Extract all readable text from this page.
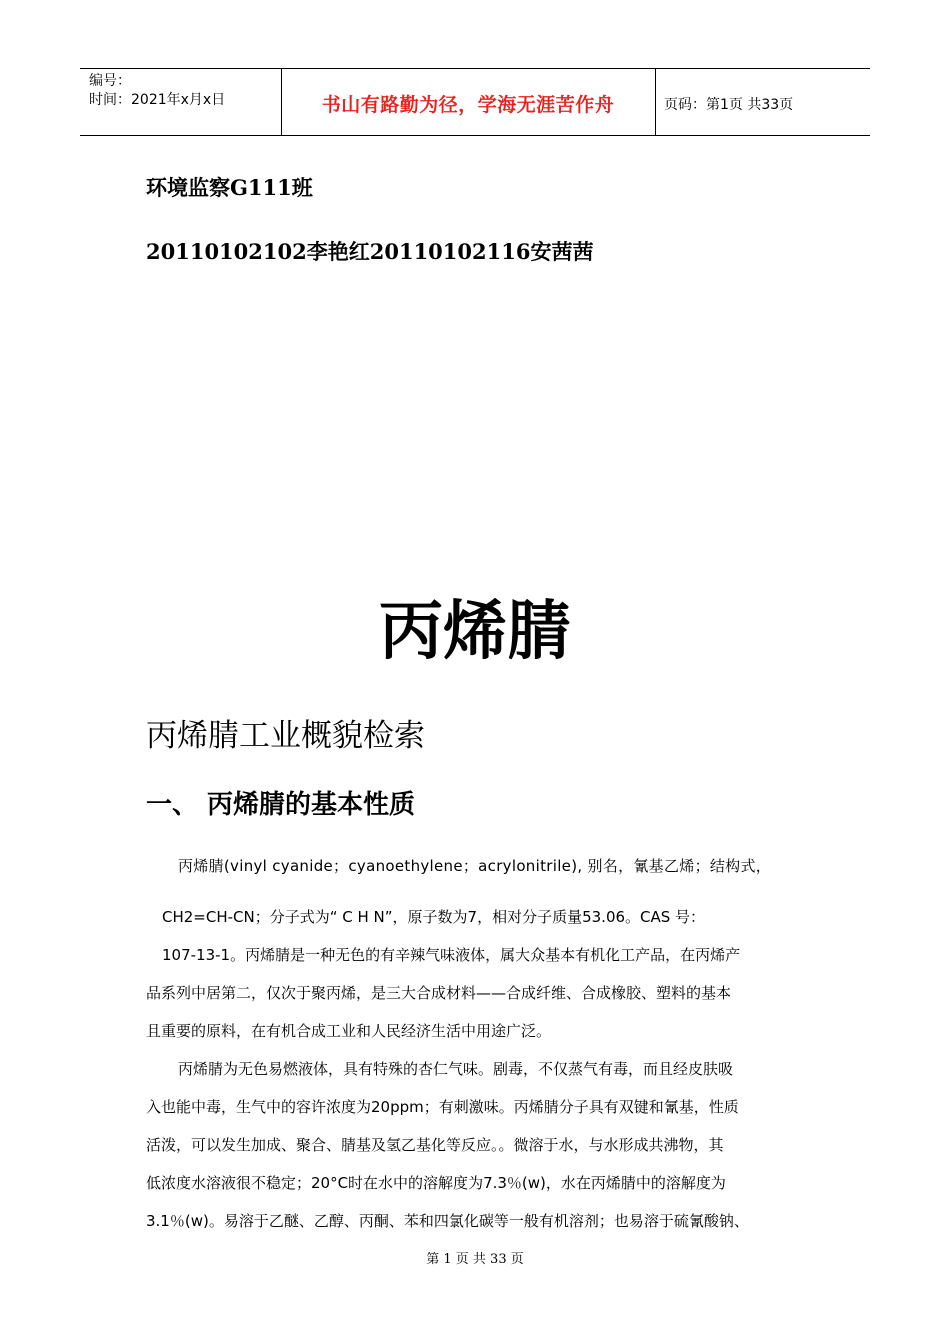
编号：
时间：2021年x月x日	书山有路勤为径，学海无涯苦作舟	页码：第1页 共33页
环境监察G111班
20110102102李艳红20110102116安茜茜
丙烯腈
丙烯腈工业概貌检索
一、 丙烯腈的基本性质
丙烯腈(vinyl cyanide；cyanoethylene；acrylonitrile), 别名，氰基乙烯；结构式，
CH2=CH-CN；分子式为“ C H N”，原子数为7，相对分子质量53.06。CAS 号：
107-13-1。丙烯腈是一种无色的有辛辣气味液体，属大众基本有机化工产品，在丙烯产
品系列中居第二，仅次于聚丙烯，是三大合成材料——合成纤维、合成橡胶、塑料的基本
且重要的原料，在有机合成工业和人民经济生活中用途广泛。
丙烯腈为无色易燃液体，具有特殊的杏仁气味。剧毒，不仅蒸气有毒，而且经皮肤吸
入也能中毒，生气中的容许浓度为20ppm；有刺激味。丙烯腈分子具有双键和氰基，性质
活泼，可以发生加成、聚合、腈基及氢乙基化等反应。。微溶于水，与水形成共沸物，其
低浓度水溶液很不稳定；20°C时在水中的溶解度为7.3％(w)，水在丙烯腈中的溶解度为
3.1％(w)。易溶于乙醚、乙醇、丙酮、苯和四氯化碳等一般有机溶剂；也易溶于硫氰酸钠、
第 1 页 共 33 页
